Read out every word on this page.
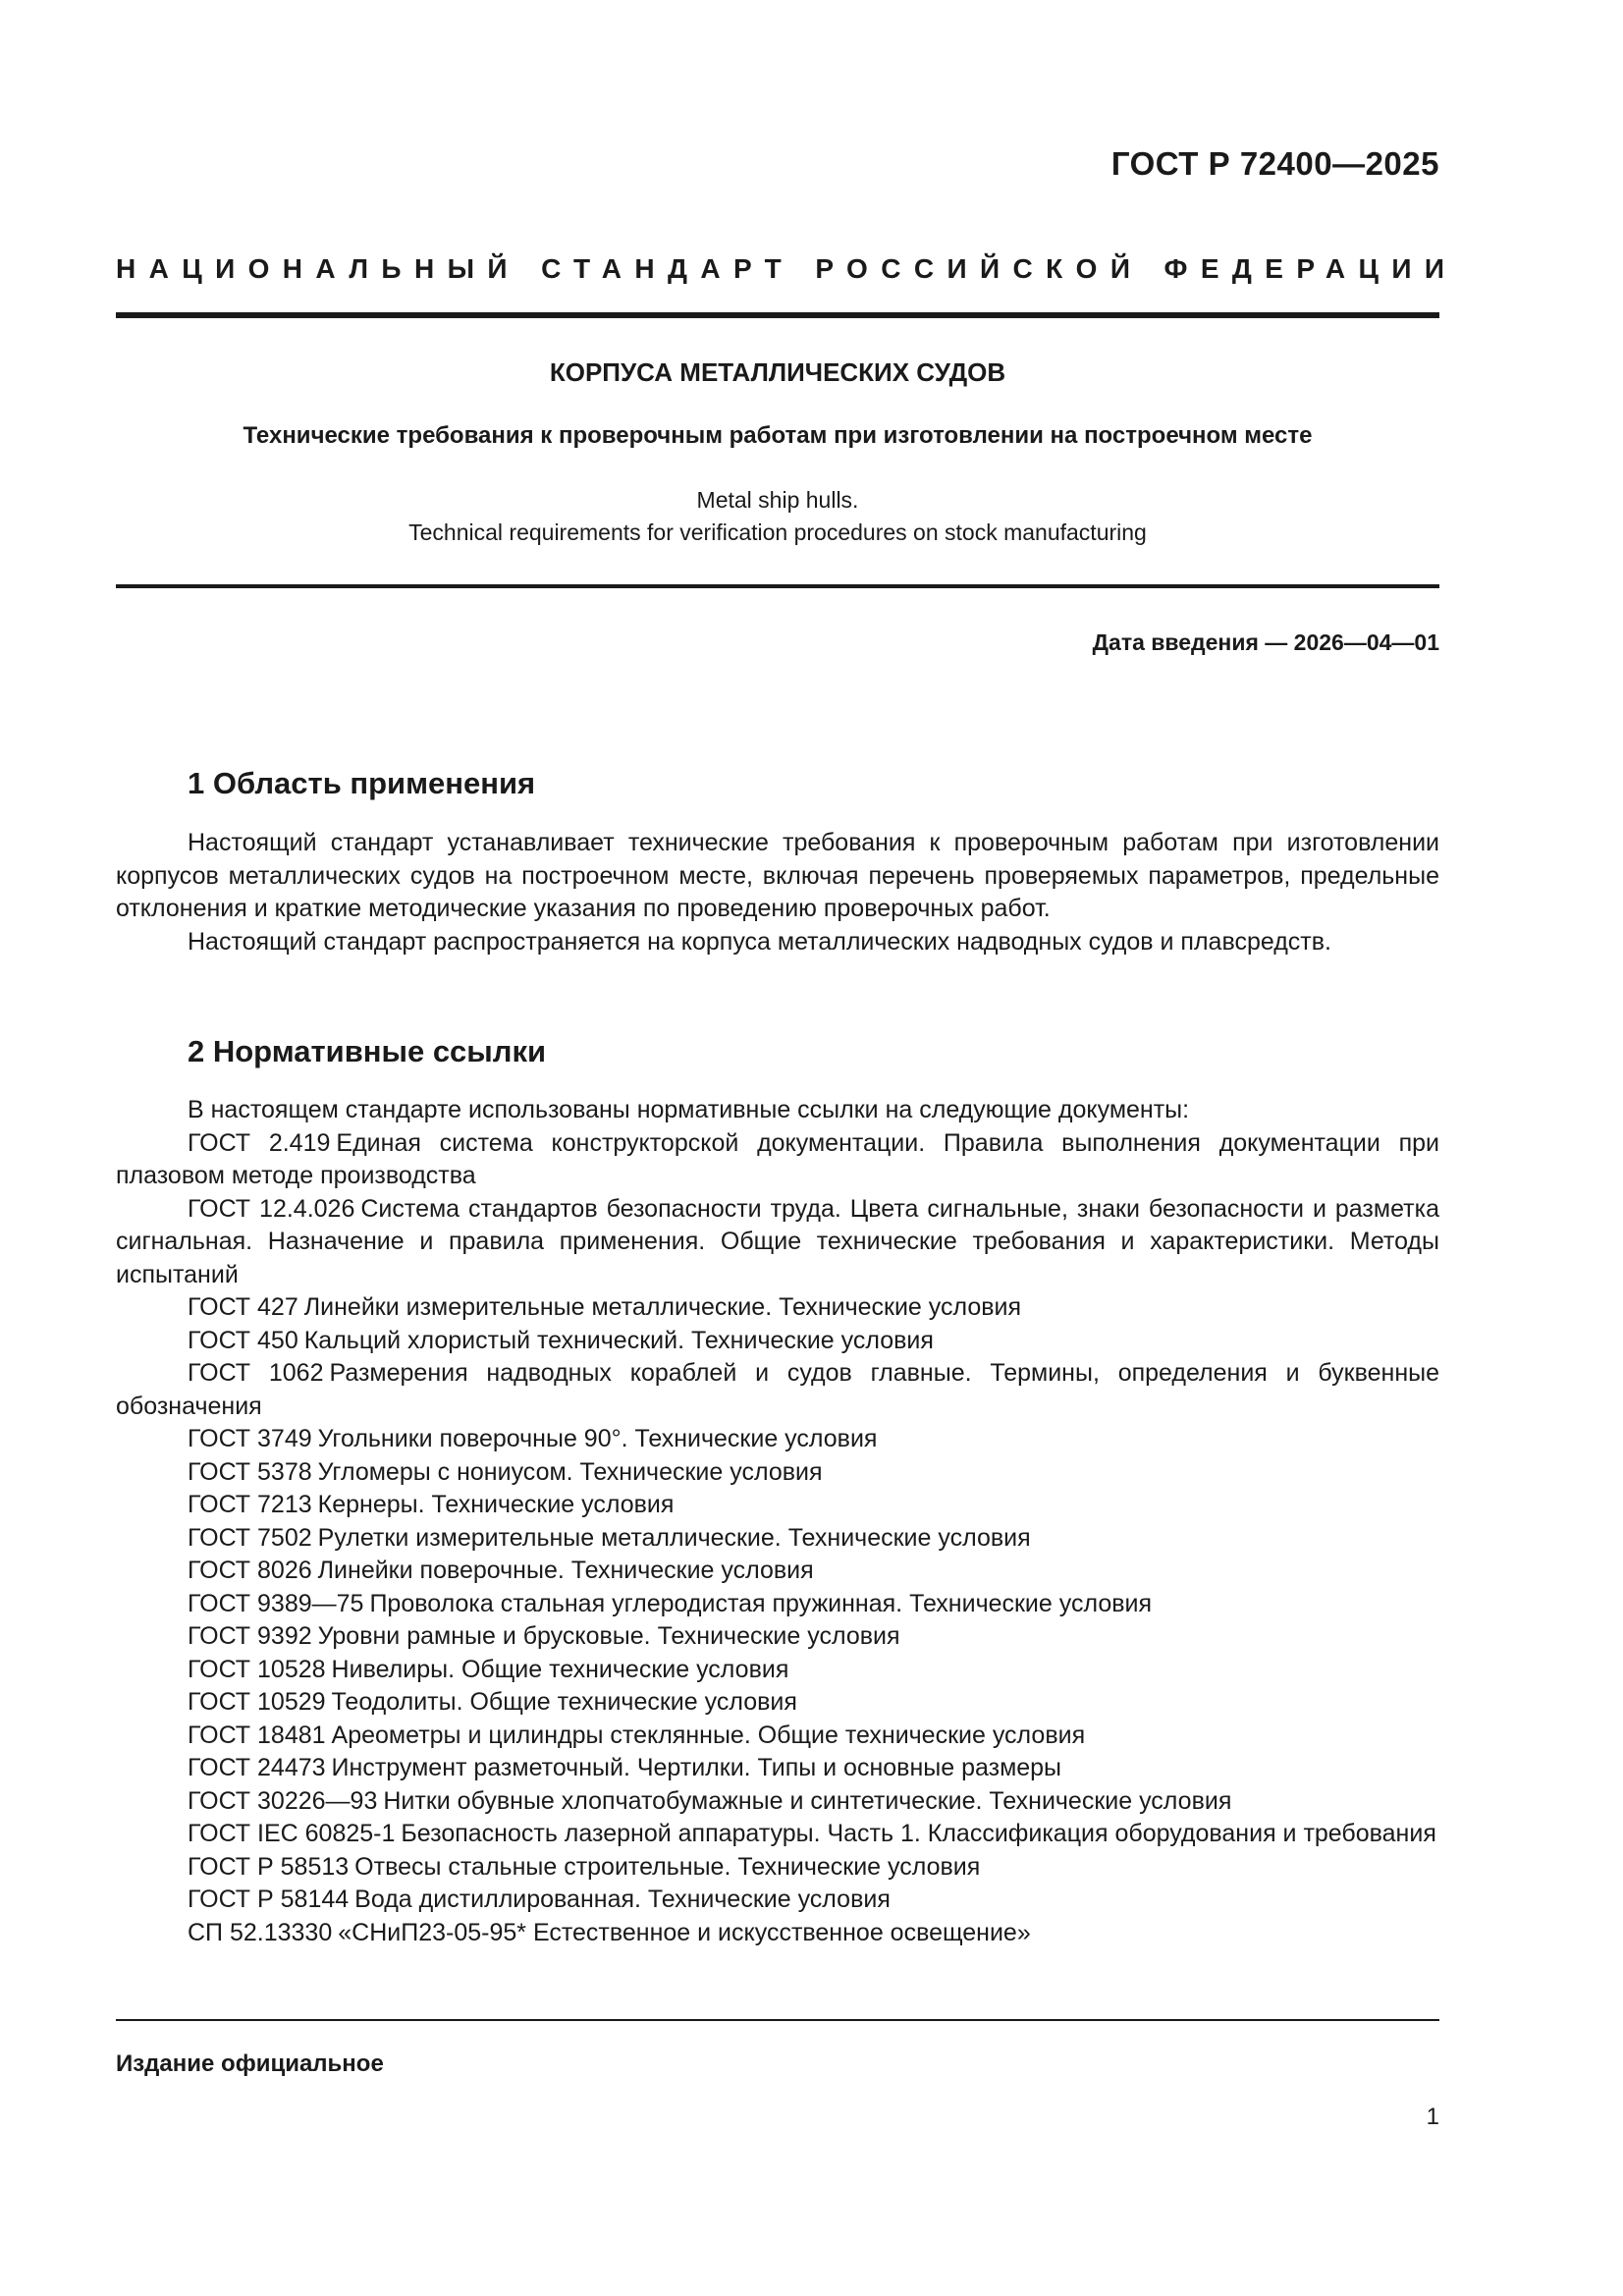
ГОСТ Р 72400—2025
НАЦИОНАЛЬНЫЙ СТАНДАРТ РОССИЙСКОЙ ФЕДЕРАЦИИ
КОРПУСА МЕТАЛЛИЧЕСКИХ СУДОВ
Технические требования к проверочным работам при изготовлении на построечном месте
Metal ship hulls.
Technical requirements for verification procedures on stock manufacturing
Дата введения — 2026—04—01
1 Область применения

Настоящий стандарт устанавливает технические требования к проверочным работам при изготовлении корпусов металлических судов на построечном месте, включая перечень проверяемых параметров, предельные отклонения и краткие методические указания по проведению проверочных работ.

Настоящий стандарт распространяется на корпуса металлических надводных судов и плавсредств.

2 Нормативные ссылки

В настоящем стандарте использованы нормативные ссылки на следующие документы:

ГОСТ 2.419 Единая система конструкторской документации. Правила выполнения документации при плазовом методе производства

ГОСТ 12.4.026 Система стандартов безопасности труда. Цвета сигнальные, знаки безопасности и разметка сигнальная. Назначение и правила применения. Общие технические требования и характеристики. Методы испытаний

ГОСТ 427 Линейки измерительные металлические. Технические условия

ГОСТ 450 Кальций хлористый технический. Технические условия

ГОСТ 1062 Размерения надводных кораблей и судов главные. Термины, определения и буквенные обозначения

ГОСТ 3749 Угольники поверочные 90°. Технические условия

ГОСТ 5378 Угломеры с нониусом. Технические условия

ГОСТ 7213 Кернеры. Технические условия

ГОСТ 7502 Рулетки измерительные металлические. Технические условия

ГОСТ 8026 Линейки поверочные. Технические условия

ГОСТ 9389—75 Проволока стальная углеродистая пружинная. Технические условия

ГОСТ 9392 Уровни рамные и брусковые. Технические условия

ГОСТ 10528 Нивелиры. Общие технические условия

ГОСТ 10529 Теодолиты. Общие технические условия

ГОСТ 18481 Ареометры и цилиндры стеклянные. Общие технические условия

ГОСТ 24473 Инструмент разметочный. Чертилки. Типы и основные размеры

ГОСТ 30226—93 Нитки обувные хлопчатобумажные и синтетические. Технические условия

ГОСТ IEC 60825-1 Безопасность лазерной аппаратуры. Часть 1. Классификация оборудования и требования

ГОСТ Р 58513 Отвесы стальные строительные. Технические условия

ГОСТ Р 58144 Вода дистиллированная. Технические условия

СП 52.13330 «СНиП23-05-95* Естественное и искусственное освещение»

Издание официальное
1
